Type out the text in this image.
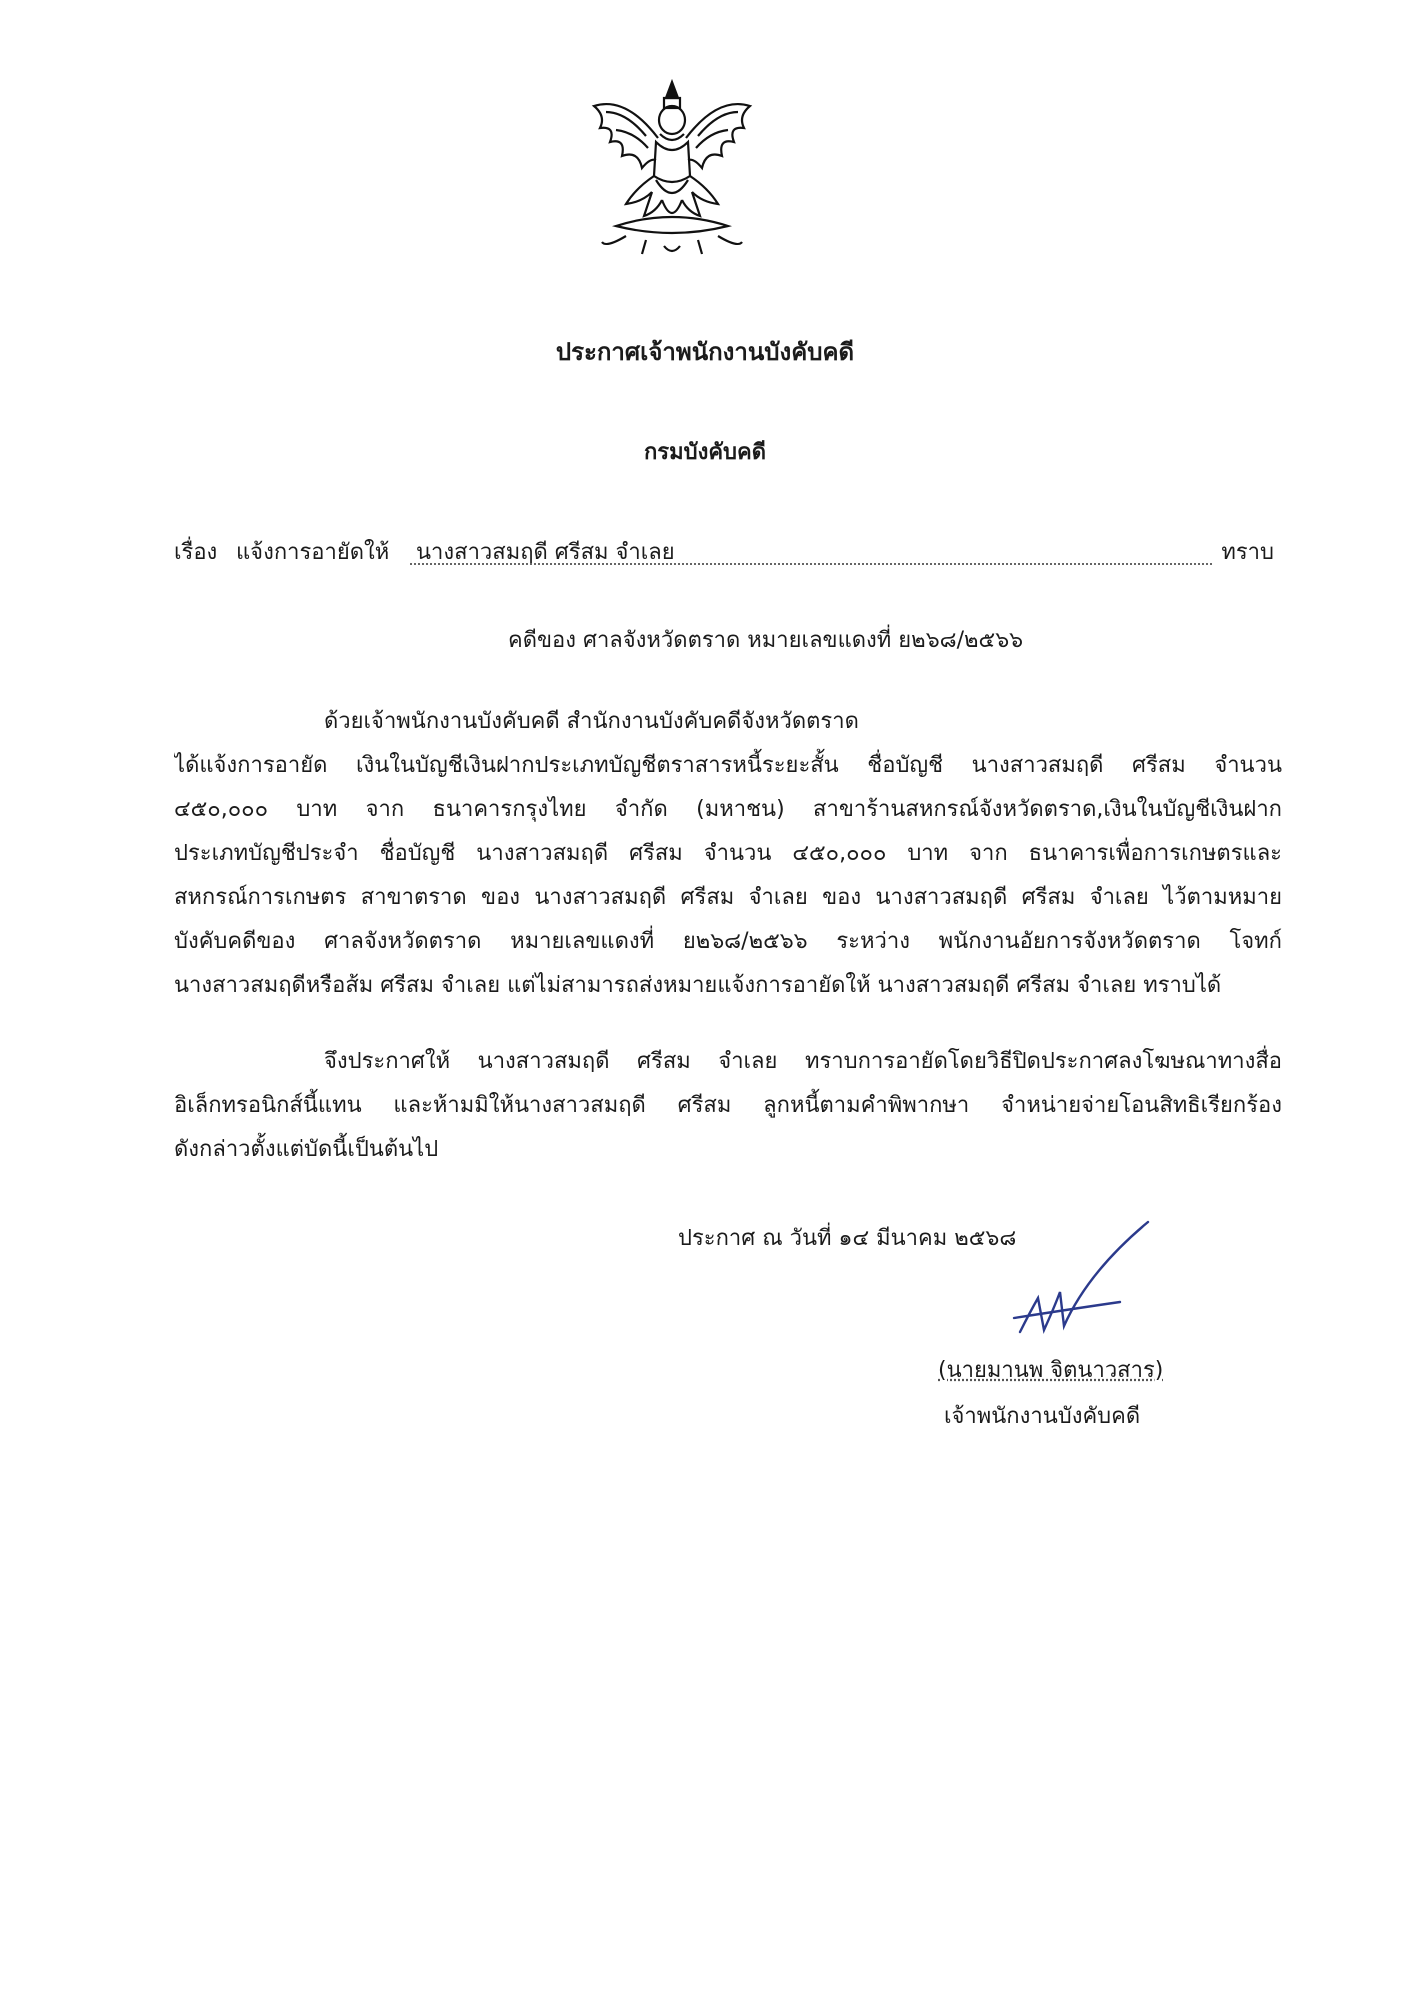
ประกาศเจ้าพนักงานบังคับคดี
กรมบังคับคดี
เรื่อง แจ้งการอายัดให้ นางสาวสมฤดี ศรีสม จำเลย	ทราบ
คดีของ ศาลจังหวัดตราด หมายเลขแดงที่ ย๒๖๘/๒๕๖๖
ด้วยเจ้าพนักงานบังคับคดี สำนักงานบังคับคดีจังหวัดตราด
ได้แจ้งการอายัด เงินในบัญชีเงินฝากประเภทบัญชีตราสารหนี้ระยะสั้น ชื่อบัญชี นางสาวสมฤดี ศรีสม จำนวน
๔๕๐,๐๐๐ บาท จาก ธนาคารกรุงไทย จำกัด (มหาชน) สาขาร้านสหกรณ์จังหวัดตราด,เงินในบัญชีเงินฝาก
ประเภทบัญชีประจำ ชื่อบัญชี นางสาวสมฤดี ศรีสม จำนวน ๔๕๐,๐๐๐ บาท จาก ธนาคารเพื่อการเกษตรและ
สหกรณ์การเกษตร สาขาตราด ของ นางสาวสมฤดี ศรีสม จำเลย ของ นางสาวสมฤดี ศรีสม จำเลย ไว้ตามหมาย
บังคับคดีของ ศาลจังหวัดตราด หมายเลขแดงที่ ย๒๖๘/๒๕๖๖ ระหว่าง พนักงานอัยการจังหวัดตราด โจทก์
นางสาวสมฤดีหรือส้ม ศรีสม จำเลย แต่ไม่สามารถส่งหมายแจ้งการอายัดให้ นางสาวสมฤดี ศรีสม จำเลย ทราบได้
จึงประกาศให้ นางสาวสมฤดี ศรีสม จำเลย ทราบการอายัดโดยวิธีปิดประกาศลงโฆษณาทางสื่อ
อิเล็กทรอนิกส์นี้แทน และห้ามมิให้นางสาวสมฤดี ศรีสม ลูกหนี้ตามคำพิพากษา จำหน่ายจ่ายโอนสิทธิเรียกร้อง
ดังกล่าวตั้งแต่บัดนี้เป็นต้นไป
ประกาศ ณ วันที่ ๑๔ มีนาคม ๒๕๖๘
(นายมานพ จิตนาวสาร)
เจ้าพนักงานบังคับคดี
